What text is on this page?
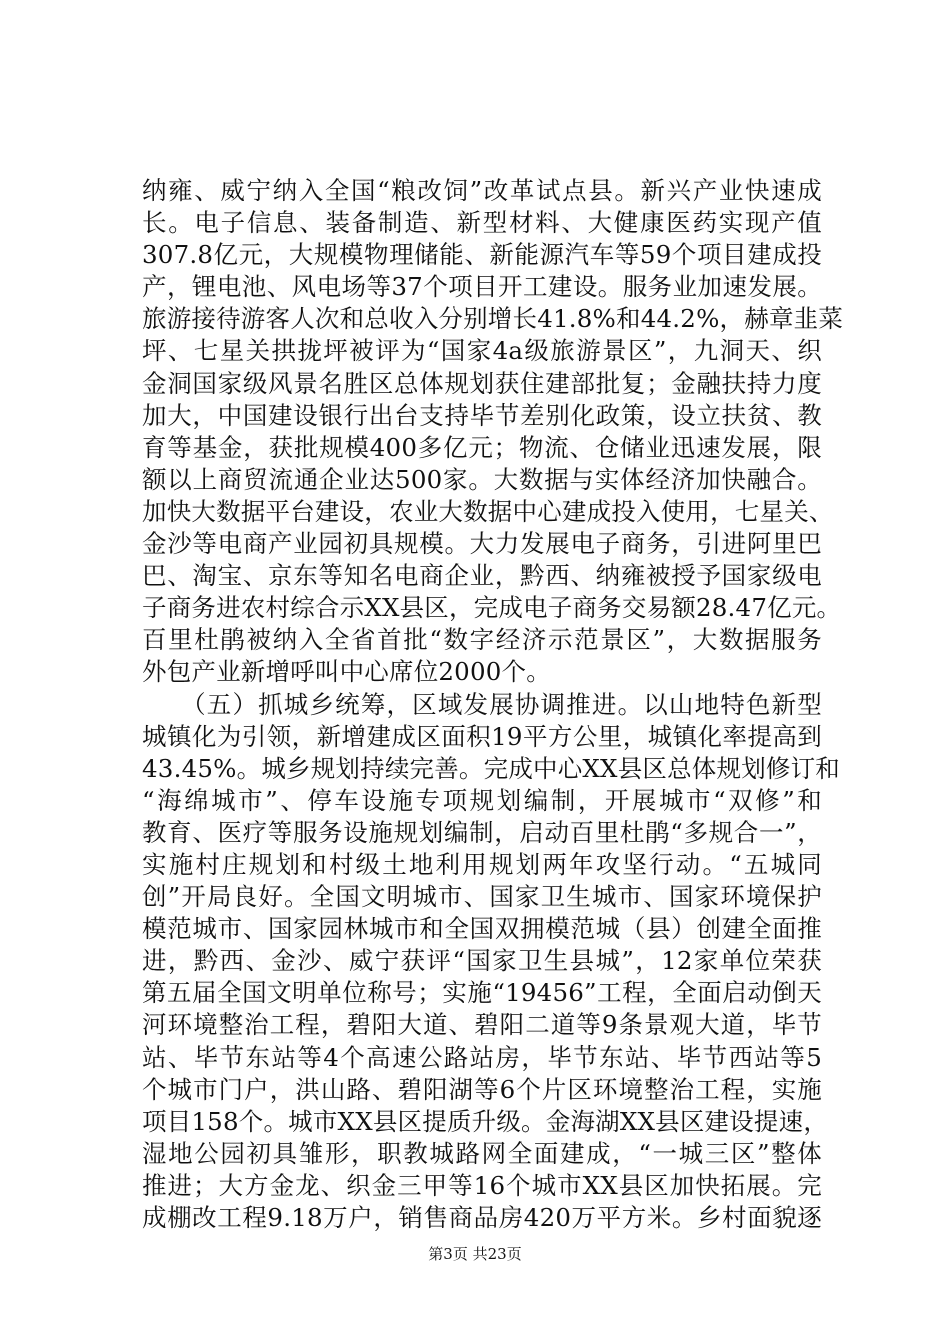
纳雍、威宁纳入全国“粮改饲”改革试点县。新兴产业快速成
长。电子信息、装备制造、新型材料、大健康医药实现产值
307.8亿元，大规模物理储能、新能源汽车等59个项目建成投
产，锂电池、风电场等37个项目开工建设。服务业加速发展。
旅游接待游客人次和总收入分别增长41.8%和44.2%，赫章韭菜
坪、七星关拱拢坪被评为“国家4a级旅游景区”，九洞天、织
金洞国家级风景名胜区总体规划获住建部批复；金融扶持力度
加大，中国建设银行出台支持毕节差别化政策，设立扶贫、教
育等基金，获批规模400多亿元；物流、仓储业迅速发展，限
额以上商贸流通企业达500家。大数据与实体经济加快融合。
加快大数据平台建设，农业大数据中心建成投入使用，七星关、
金沙等电商产业园初具规模。大力发展电子商务，引进阿里巴
巴、淘宝、京东等知名电商企业，黔西、纳雍被授予国家级电
子商务进农村综合示XX县区，完成电子商务交易额28.47亿元。
百里杜鹃被纳入全省首批“数字经济示范景区”，大数据服务
外包产业新增呼叫中心席位2000个。
　　（五）抓城乡统筹，区域发展协调推进。以山地特色新型
城镇化为引领，新增建成区面积19平方公里，城镇化率提高到
43.45%。城乡规划持续完善。完成中心XX县区总体规划修订和
“海绵城市”、停车设施专项规划编制，开展城市“双修”和
教育、医疗等服务设施规划编制，启动百里杜鹃“多规合一”，
实施村庄规划和村级土地利用规划两年攻坚行动。“五城同
创”开局良好。全国文明城市、国家卫生城市、国家环境保护
模范城市、国家园林城市和全国双拥模范城（县）创建全面推
进，黔西、金沙、威宁获评“国家卫生县城”，12家单位荣获
第五届全国文明单位称号；实施“19456”工程，全面启动倒天
河环境整治工程，碧阳大道、碧阳二道等9条景观大道，毕节
站、毕节东站等4个高速公路站房，毕节东站、毕节西站等5
个城市门户，洪山路、碧阳湖等6个片区环境整治工程，实施
项目158个。城市XX县区提质升级。金海湖XX县区建设提速，
湿地公园初具雏形，职教城路网全面建成，“一城三区”整体
推进；大方金龙、织金三甲等16个城市XX县区加快拓展。完
成棚改工程9.18万户，销售商品房420万平方米。乡村面貌逐
第3页 共23页
